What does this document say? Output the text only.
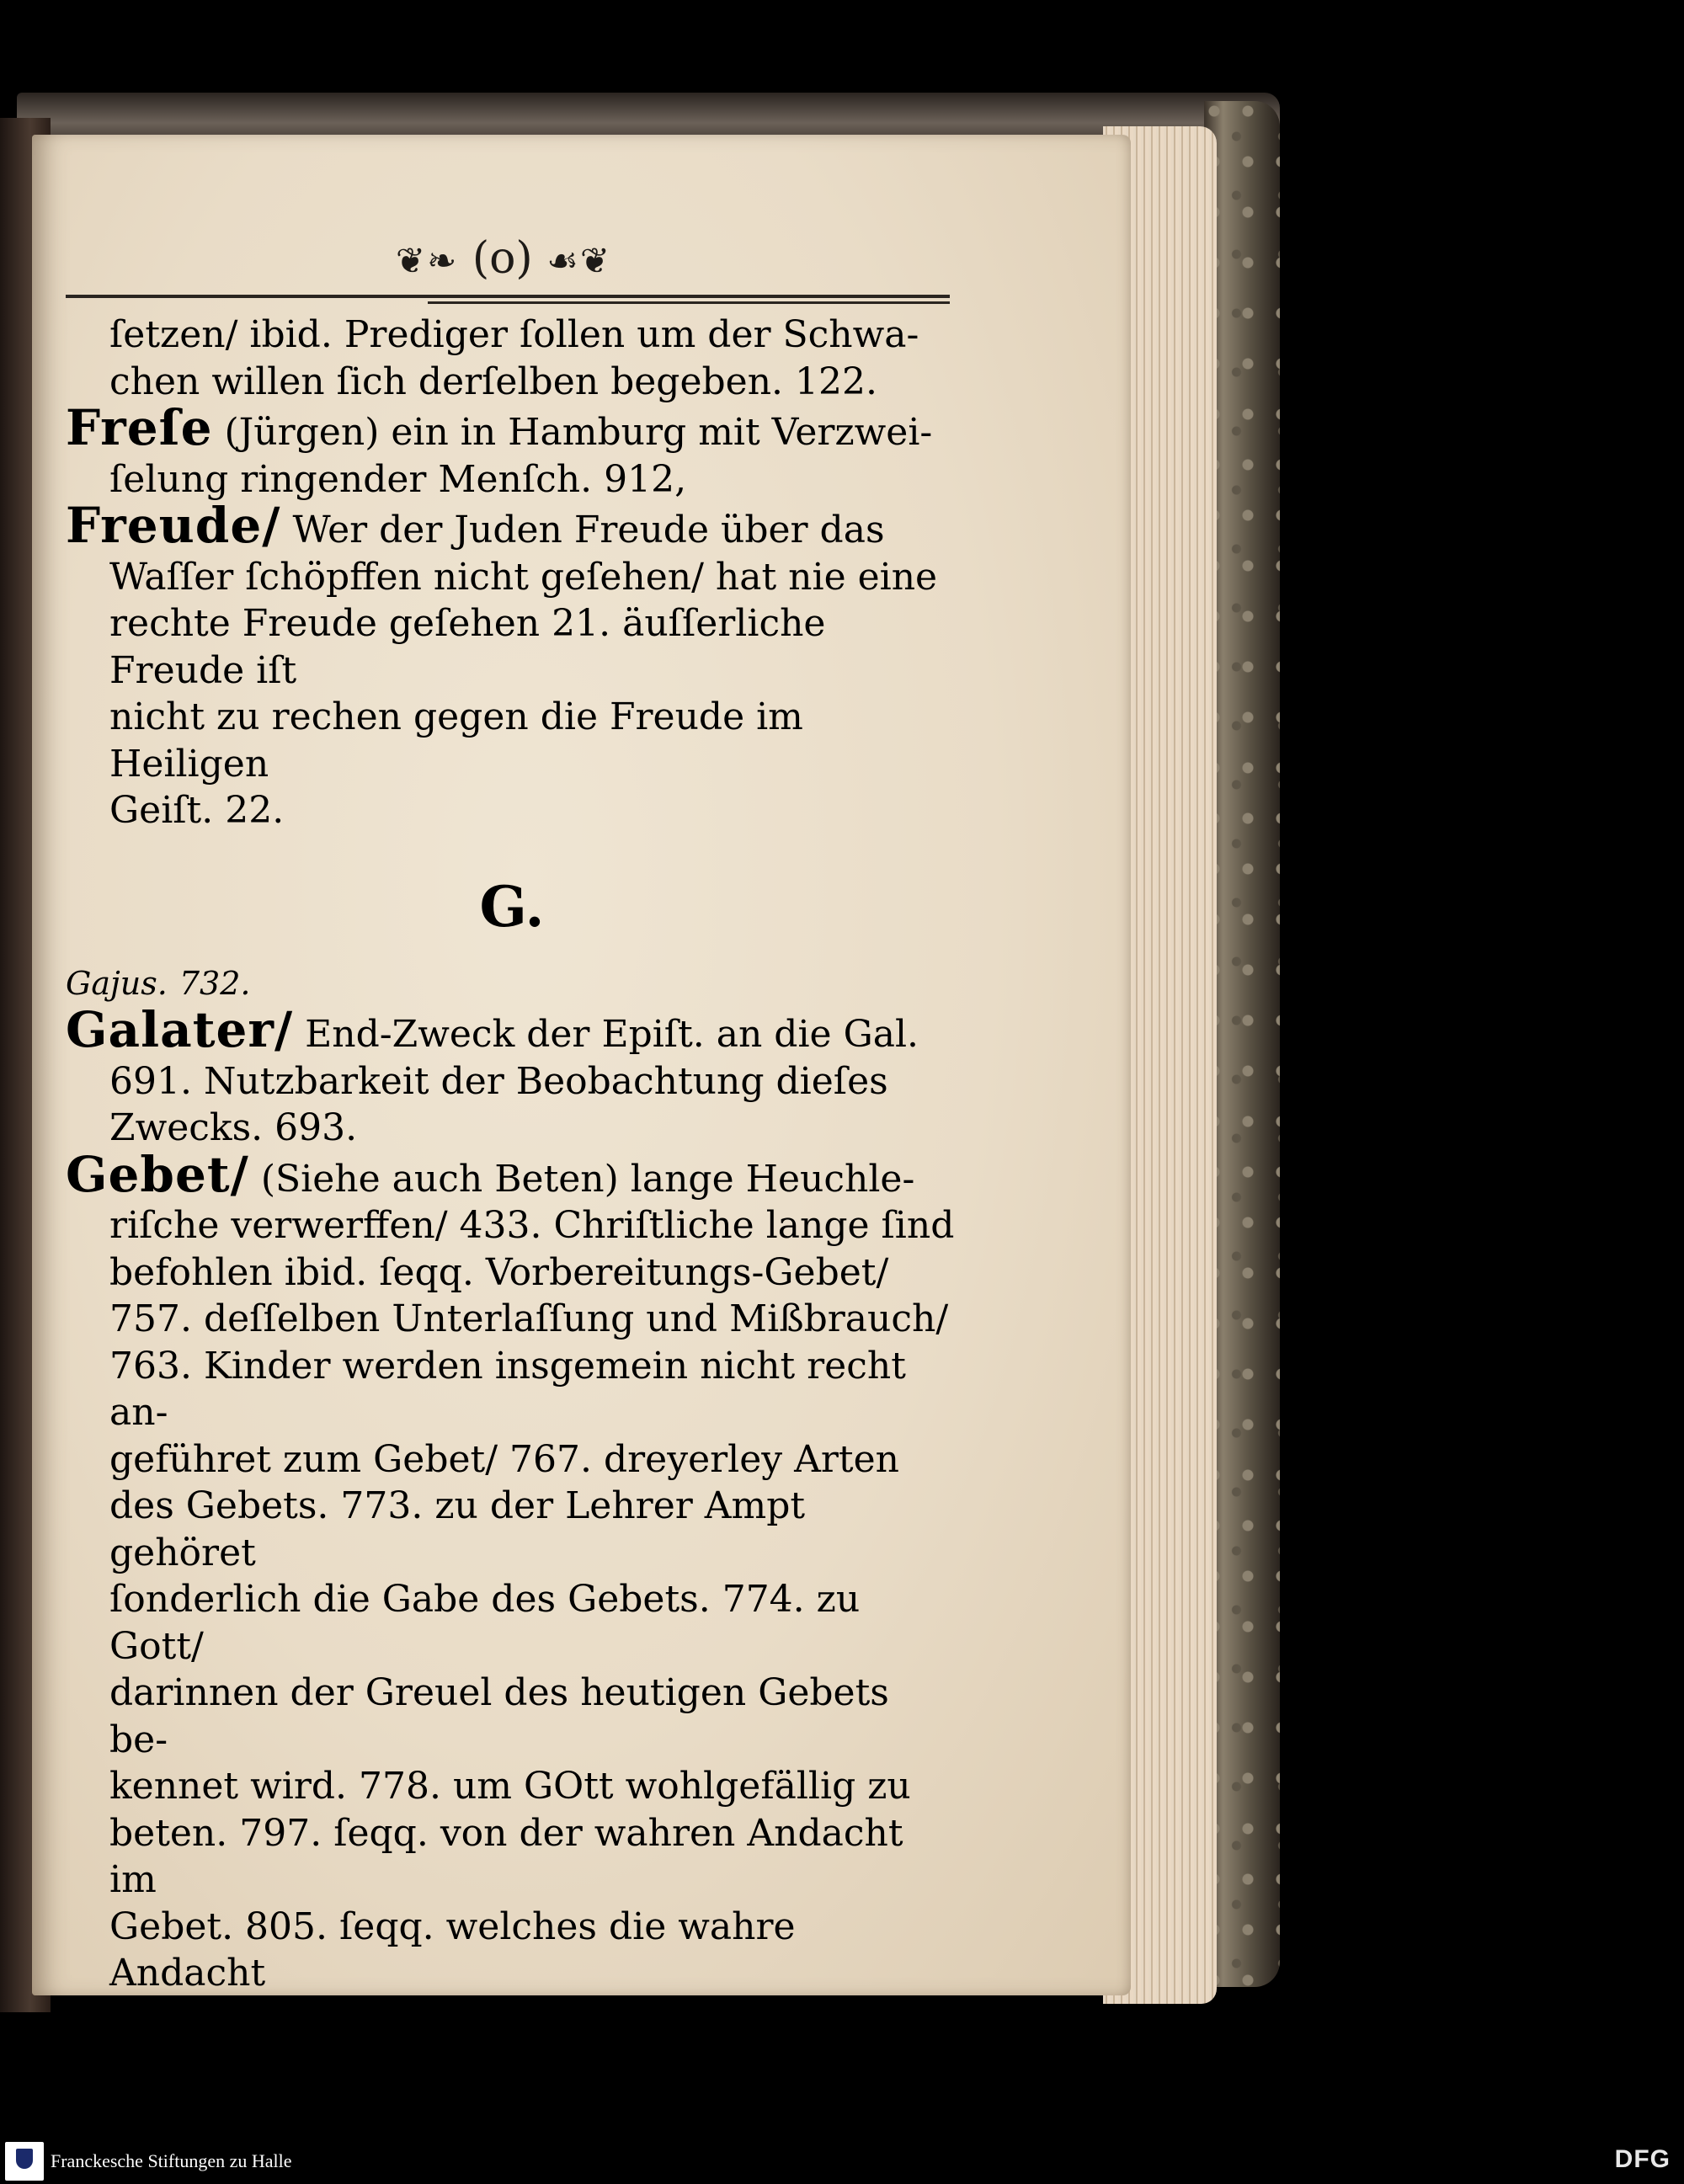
❦❧ (o) ☙❦
ſetzen/ ibid. Prediger ſollen um der Schwa-
chen willen ſich derſelben begeben. 122.
Freſe (Jürgen) ein in Hamburg mit Verzwei-
ſelung ringender Menſch. 912,
Freude/ Wer der Juden Freude über das
Waſſer ſchöpffen nicht geſehen/ hat nie eine
rechte Freude geſehen 21. äuſſerliche Freude iſt
nicht zu rechen gegen die Freude im Heiligen
Geiſt. 22.
G.
Gajus. 732.
Galater/ End-Zweck der Epiſt. an die Gal.
691. Nutzbarkeit der Beobachtung dieſes
Zwecks. 693.
Gebet/ (Siehe auch Beten) lange Heuchle-
riſche verwerffen/ 433. Chriſtliche lange ſind
befohlen ibid. ſeqq. Vorbereitungs-Gebet/
757. deſſelben Unterlaſſung und Mißbrauch/
763. Kinder werden insgemein nicht recht an-
geführet zum Gebet/ 767. dreyerley Arten
des Gebets. 773. zu der Lehrer Ampt gehöret
ſonderlich die Gabe des Gebets. 774. zu Gott/
darinnen der Greuel des heutigen Gebets be-
kennet wird. 778. um GOtt wohlgefällig zu
beten. 797. ſeqq. von der wahren Andacht im
Gebet. 805. ſeqq. welches die wahre Andacht
ſey. 809. wie ſie zu befördern. 812. wer kei-
nen Trieb zum Gebet findet hat nöthig zu be-
ten.
Franckesche Stiftungen zu Halle	DFG
